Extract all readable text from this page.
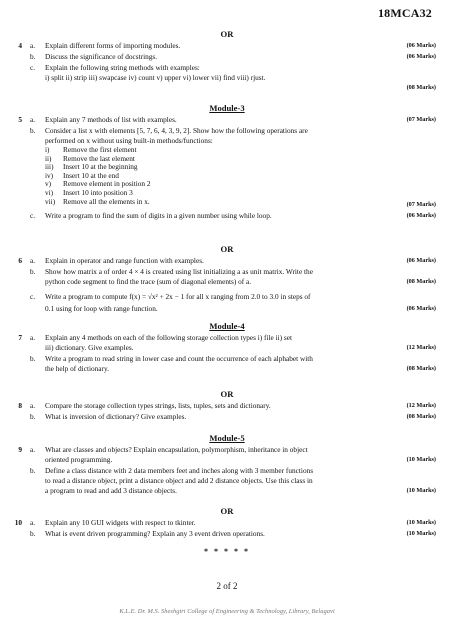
18MCA32
OR
4 a.	Explain different forms of importing modules.	(06 Marks)
b.	Discuss the significance of docstrings.	(06 Marks)
c.	Explain the following string methods with examples:
i) split ii) strip iii) swapcase iv) count v) upper vi) lower vii) find viii) rjust.
(08 Marks)
Module-3
5 a.	Explain any 7 methods of list with examples.	(07 Marks)
b.	Consider a list x with elements [5, 7, 6, 4, 3, 9, 2]. Show how the following operations are
performed on x without using built-in methods/functions:
i) Remove the first element
ii) Remove the last element
iii) Insert 10 at the beginning
iv) Insert 10 at the end
v) Remove element in position 2
vi) Insert 10 into position 3
vii) Remove all the elements in x.	(07 Marks)
c.	Write a program to find the sum of digits in a given number using while loop.	(06 Marks)
OR
6 a.	Explain in operator and range function with examples.	(06 Marks)
b.	Show how matrix a of order 4 × 4 is created using list initializing a as unit matrix. Write the
python code segment to find the trace (sum of diagonal elements) of a.	(08 Marks)
c.	Write a program to compute f(x) = √x² + 2x − 1 for all x ranging from 2.0 to 3.0 in steps of
0.1 using for loop with range function.	(06 Marks)
Module-4
7 a.	Explain any 4 methods on each of the following storage collection types i) file ii) set
iii) dictionary. Give examples.	(12 Marks)
b.	Write a program to read string in lower case and count the occurrence of each alphabet with
the help of dictionary.	(08 Marks)
OR
8 a.	Compare the storage collection types strings, lists, tuples, sets and dictionary.	(12 Marks)
b.	What is inversion of dictionary? Give examples.	(08 Marks)
Module-5
9 a.	What are classes and objects? Explain encapsulation, polymorphism, inheritance in object
oriented programming.	(10 Marks)
b.	Define a class distance with 2 data members feet and inches along with 3 member functions
to read a distance object, print a distance object and add 2 distance objects. Use this class in
a program to read and add 3 distance objects.	(10 Marks)
OR
10 a.	Explain any 10 GUI widgets with respect to tkinter.	(10 Marks)
b.	What is event driven programming? Explain any 3 event driven operations.	(10 Marks)
* * * * *
2 of 2
K.L.E. Dr. M.S. Sheshgiri College of Engineering & Technology, Library, Belagavi
